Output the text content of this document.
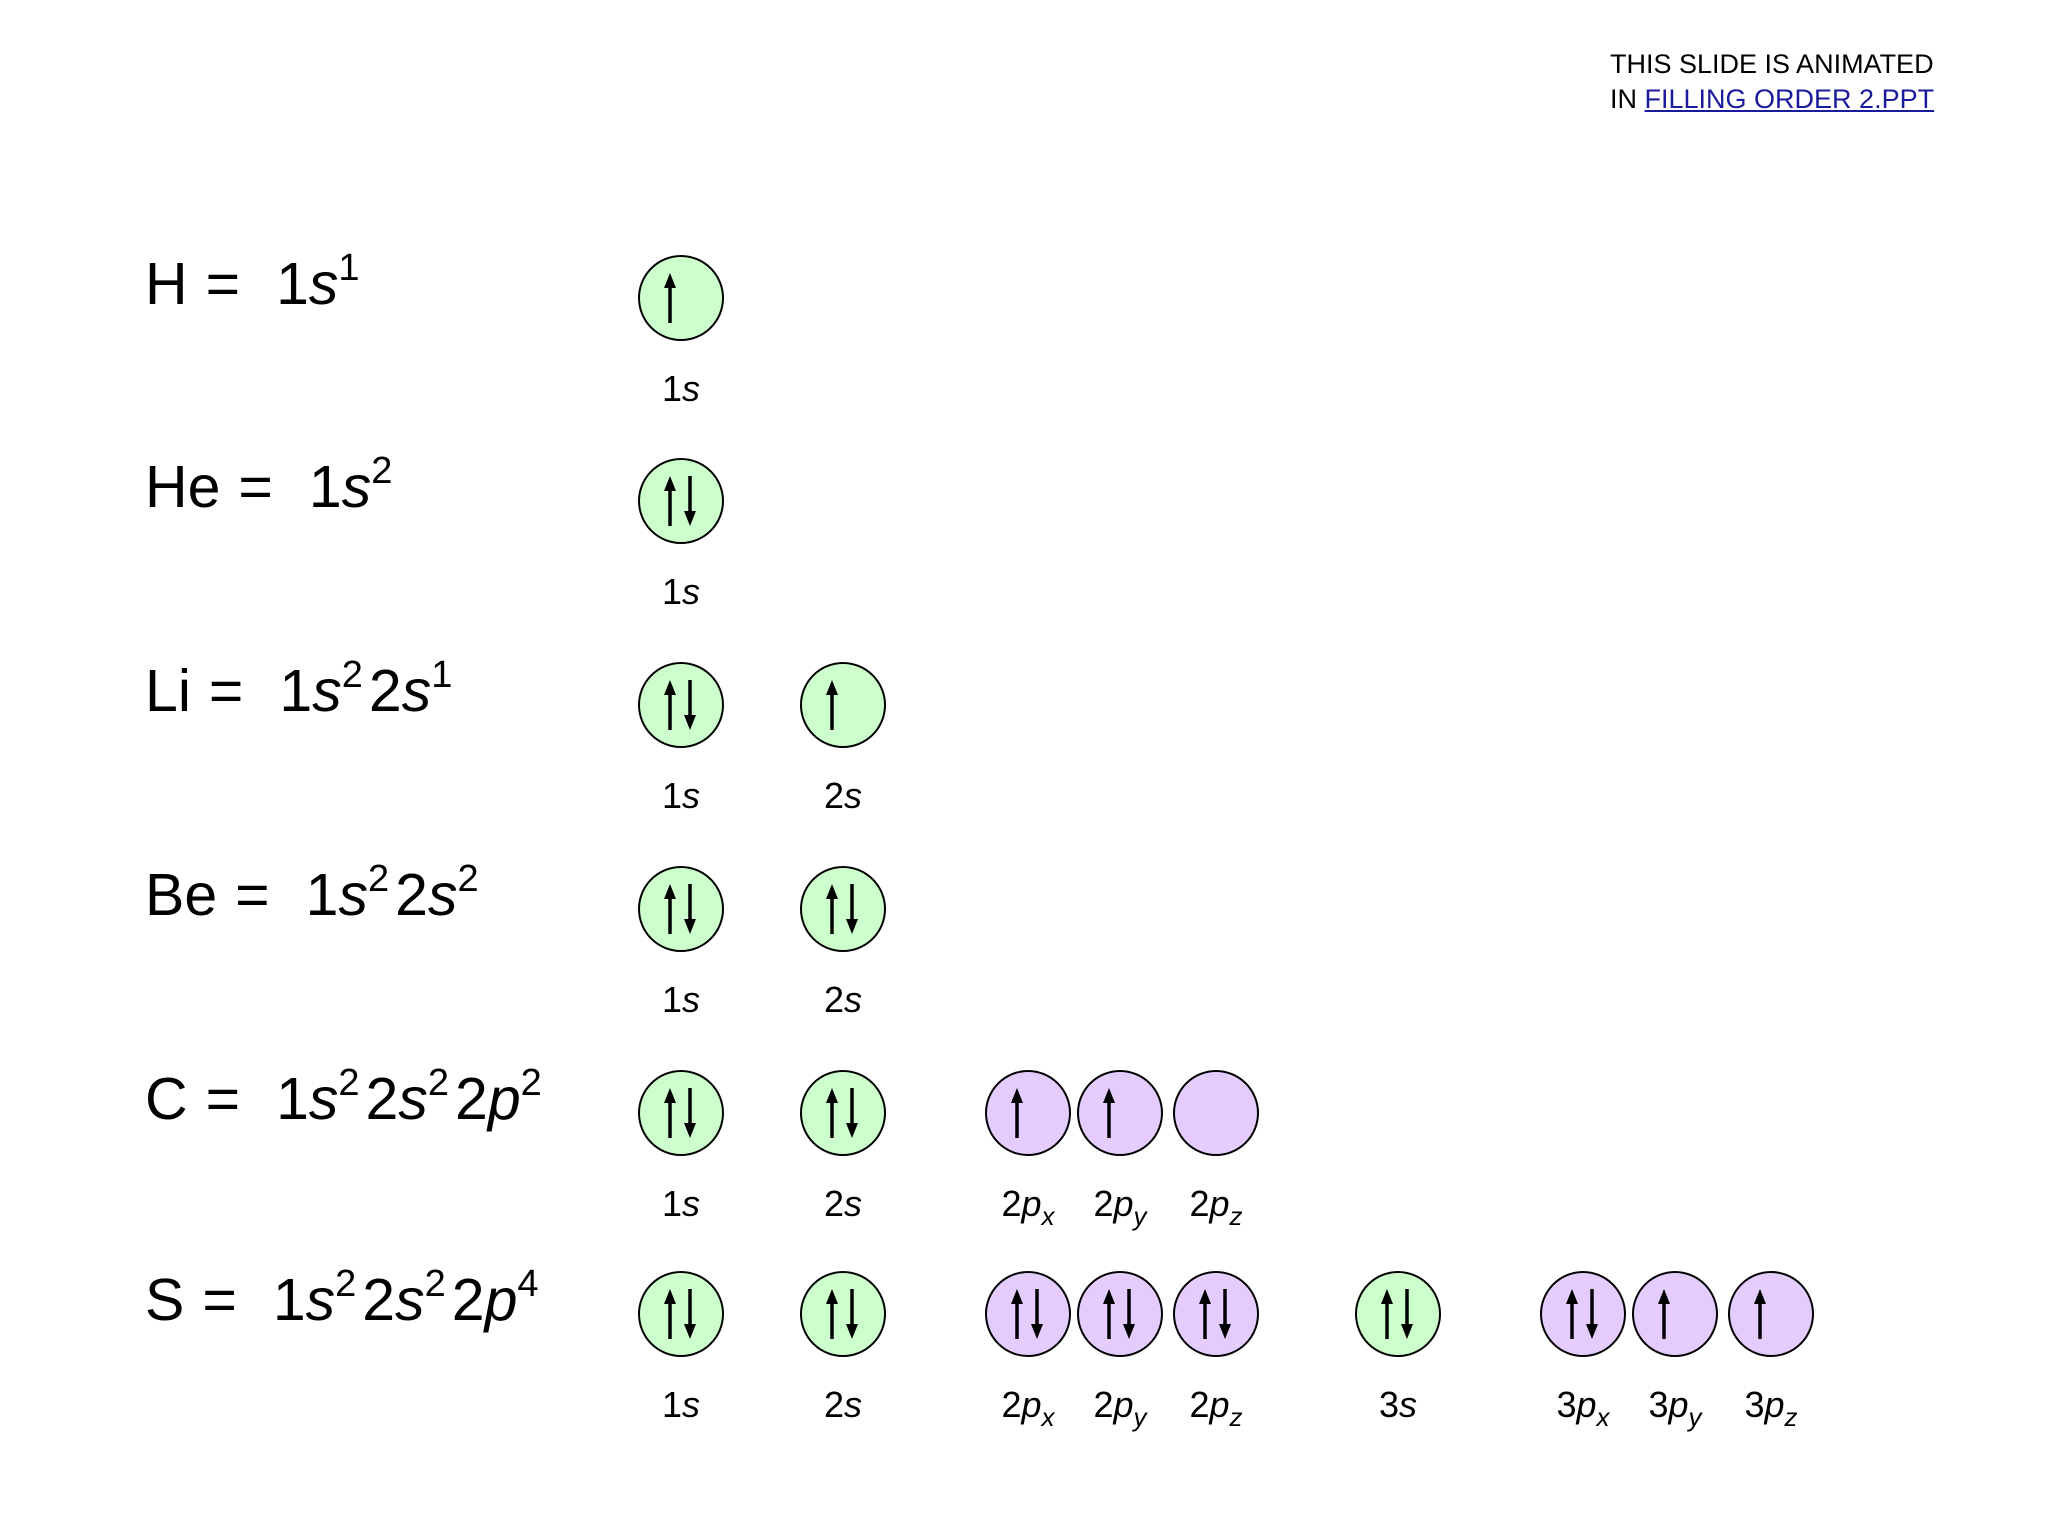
THIS SLIDE IS ANIMATED
IN FILLING ORDER 2.PPT
$H = 1s^1$
1s
$He = 1s^2$
1s
$Li = 1s^2$ $2s^1$
1s	2s
$Be = 1s^2$ $2s^2$
1s	2s
$C = 1s^2$ $2s^2$ $2p^2$
1s	2s	$2p_x$	$2p_y$	$2p_z$
$S = 1s^2$ $2s^2$ $2p^4$
1s	2s	$2p_x$	$2p_y$	$2p_z$	3s	$3p_x$	$3p_y$	$3p_z$
